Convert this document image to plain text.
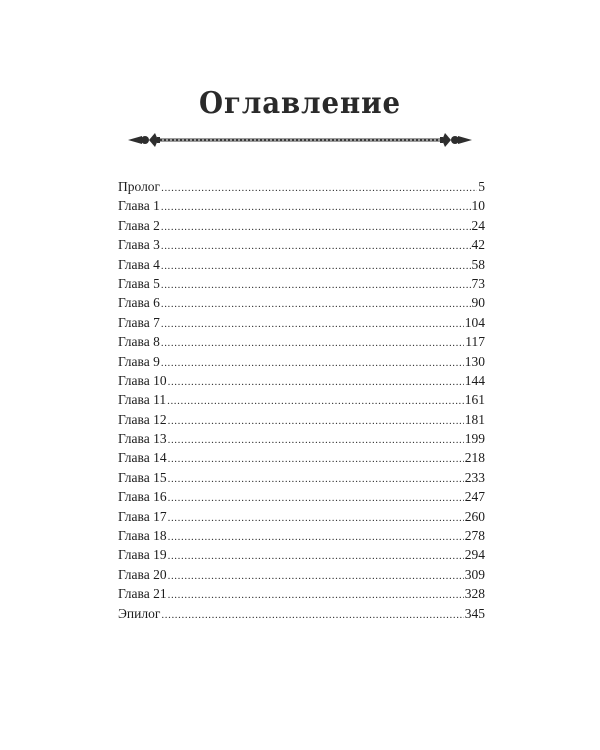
Оглавление
Пролог .....	5
Глава 1 .....	10
Глава 2 .....	24
Глава 3 .....	42
Глава 4 .....	58
Глава 5 .....	73
Глава 6 .....	90
Глава 7 .....	104
Глава 8 .....	117
Глава 9 .....	130
Глава 10 .....	144
Глава 11 .....	161
Глава 12 .....	181
Глава 13 .....	199
Глава 14 .....	218
Глава 15 .....	233
Глава 16 .....	247
Глава 17 .....	260
Глава 18 .....	278
Глава 19 .....	294
Глава 20 .....	309
Глава 21 .....	328
Эпилог .....	345
